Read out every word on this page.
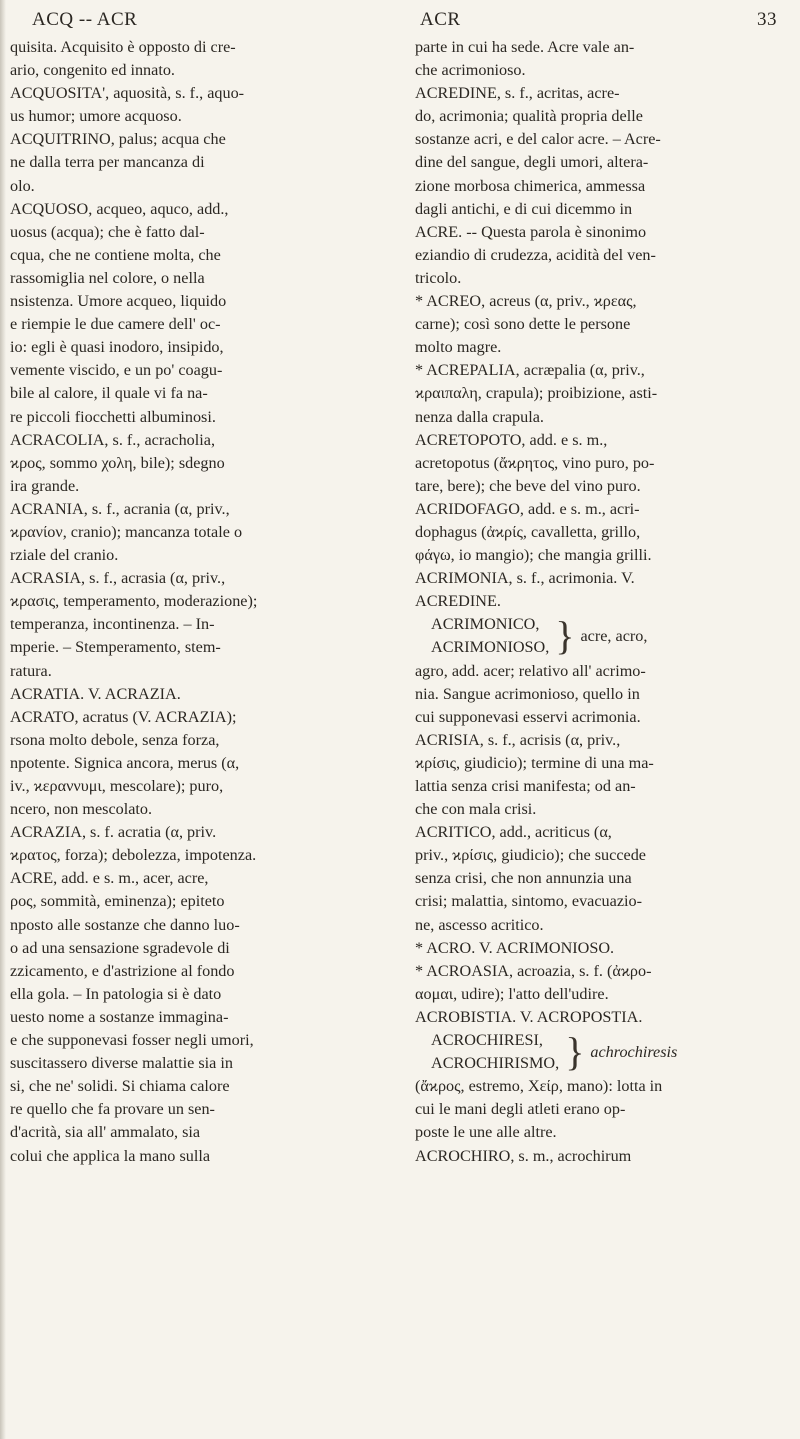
ACQ -- ACR
quisita. Acquisito è opposto di cre-
ario, congenito ed innato.
ACQUOSITA', aquosità, s. f., aquo-
us humor; umore acquoso.
ACQUITRINO, palus; acqua che
ne dalla terra per mancanza di
olo.
ACQUOSO, acqueo, aquco, add.,
uosus (acqua); che è fatto dal-
cqua, che ne contiene molta, che
rassomiglia nel colore, o nella
nsistenza. Umore acqueo, liquido
e riempie le due camere dell' oc-
io: egli è quasi inodoro, insipido,
vemente viscido, e un po' coagu-
bile al calore, il quale vi fa na-
re piccoli fiocchetti albuminosi.
ACRACOLIA, s. f., acracholia,
ϰρος, sommo χολη, bile); sdegno
ira grande.
ACRANIA, s. f., acrania (α, priv.,
ϰρανίον, cranio); mancanza totale o
rziale del cranio.
ACRASIA, s. f., acrasia (α, priv.,
ϰρασις, temperamento, moderazione);
temperanza, incontinenza. – In-
mperie. – Stemperamento, stem-
ratura.
ACRATIA. V. ACRAZIA.
ACRATO, acratus (V. ACRAZIA);
rsona molto debole, senza forza,
npotente. Signica ancora, merus (α,
iv., ϰεραννυμι, mescolare); puro,
ncero, non mescolato.
ACRAZIA, s. f. acratia (α, priv.
ϰρατος, forza); debolezza, impotenza.
ACRE, add. e s. m., acer, acre,
ρος, sommità, eminenza); epiteto
nposto alle sostanze che danno luo-
o ad una sensazione sgradevole di
zzicamento, e d'astrizione al fondo
ella gola. – In patologia si è dato
uesto nome a sostanze immagina-
e che supponevasi fosser negli umori,
suscitassero diverse malattie sia in
si, che ne' solidi. Si chiama calore
re quello che fa provare un sen-
d'acrità, sia all' ammalato, sia
colui che applica la mano sulla
ACR	33
parte in cui ha sede. Acre vale an-
che acrimonioso.
ACREDINE, s. f., acritas, acre-
do, acrimonia; qualità propria delle
sostanze acri, e del calor acre. – Acre-
dine del sangue, degli umori, altera-
zione morbosa chimerica, ammessa
dagli antichi, e di cui dicemmo in
ACRE. -- Questa parola è sinonimo
eziandio di crudezza, acidità del ven-
tricolo.
* ACREO, acreus (α, priv., ϰρεας,
carne); così sono dette le persone
molto magre.
* ACREPALIA, acræpalia (α, priv.,
ϰραιπαλη, crapula); proibizione, asti-
nenza dalla crapula.
ACRETOPOTO, add. e s. m.,
acretopotus (ἄϰρητος, vino puro, po-
tare, bere); che beve del vino puro.
ACRIDOFAGO, add. e s. m., acri-
dophagus (ἀϰρίς, cavalletta, grillo,
φάγω, io mangio); che mangia grilli.
ACRIMONIA, s. f., acrimonia. V.
ACREDINE.
ACRIMONICO,
ACRIMONIOSO, } acre, acro,
agro, add. acer; relativo all' acrimo-
nia. Sangue acrimonioso, quello in
cui supponevasi esservi acrimonia.
ACRISIA, s. f., acrisis (α, priv.,
ϰρίσις, giudicio); termine di una ma-
lattia senza crisi manifesta; od an-
che con mala crisi.
ACRITICO, add., acriticus (α,
priv., ϰρίσις, giudicio); che succede
senza crisi, che non annunzia una
crisi; malattia, sintomo, evacuazio-
ne, ascesso acritico.
* ACRO. V. ACRIMONIOSO.
* ACROASIA, acroazia, s. f. (ἀϰρο-
αομαι, udire); l'atto dell'udire.
ACROBISTIA. V. ACROPOSTIA.
ACROCHIRESI,
ACROCHIRISMO, } achrochiresis
(ἄϰρος, estremo, Χείρ, mano): lotta in
cui le mani degli atleti erano op-
poste le une alle altre.
ACROCHIRO, s. m., acrochirum
